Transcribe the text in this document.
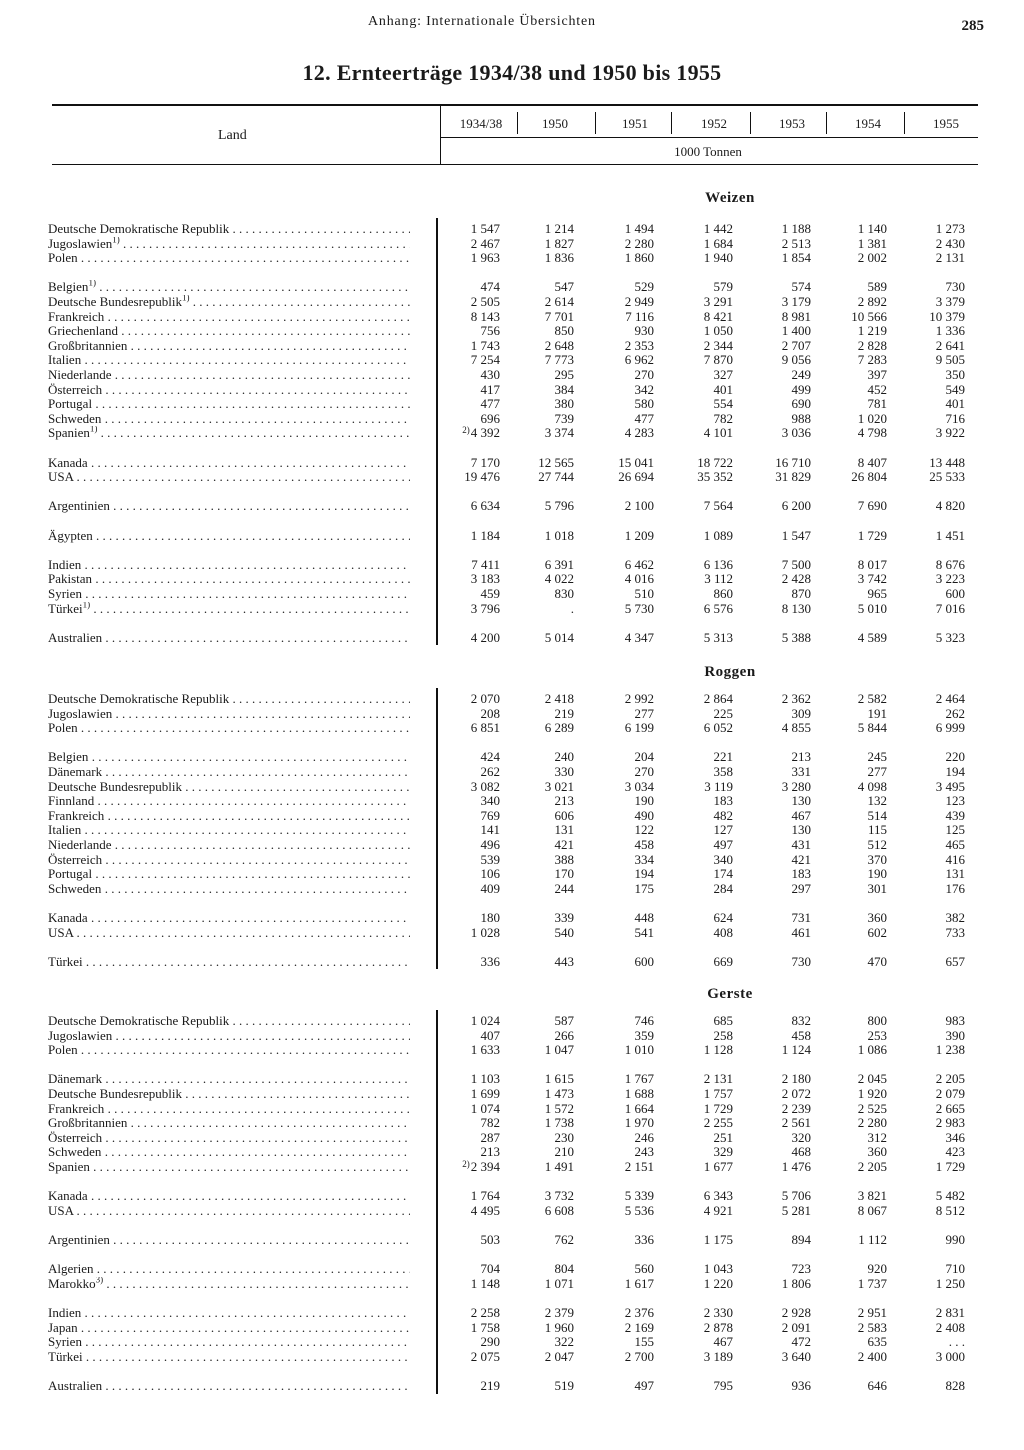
Anhang: Internationale Übersichten	285
12. Ernteerträge 1934/38 und 1950 bis 1955
Land
1000 Tonnen
1934/38	1950	1951	1952	1953	1954	1955
Weizen
Deutsche Demokratische Republik . . .	1 547	1 214	1 494	1 442	1 188	1 140	1 273
Jugoslawien$^{1)}$ . . .	2 467	1 827	2 280	1 684	2 513	1 381	2 430
Polen . . .	1 963	1 836	1 860	1 940	1 854	2 002	2 131
Belgien$^{1)}$ . . .	474	547	529	579	574	589	730
Deutsche Bundesrepublik$^{1)}$ . . .	2 505	2 614	2 949	3 291	3 179	2 892	3 379
Frankreich . . .	8 143	7 701	7 116	8 421	8 981	10 566	10 379
Griechenland . . .	756	850	930	1 050	1 400	1 219	1 336
Großbritannien . . .	1 743	2 648	2 353	2 344	2 707	2 828	2 641
Italien . . .	7 254	7 773	6 962	7 870	9 056	7 283	9 505
Niederlande . . .	430	295	270	327	249	397	350
Österreich . . .	417	384	342	401	499	452	549
Portugal . . .	477	380	580	554	690	781	401
Schweden . . .	696	739	477	782	988	1 020	716
Spanien$^{1)}$ . . .	$^{2)}$4 392	3 374	4 283	4 101	3 036	4 798	3 922
Kanada . . .	7 170	12 565	15 041	18 722	16 710	8 407	13 448
USA . . .	19 476	27 744	26 694	35 352	31 829	26 804	25 533
Argentinien . . .	6 634	5 796	2 100	7 564	6 200	7 690	4 820
Ägypten . . .	1 184	1 018	1 209	1 089	1 547	1 729	1 451
Indien . . .	7 411	6 391	6 462	6 136	7 500	8 017	8 676
Pakistan . . .	3 183	4 022	4 016	3 112	2 428	3 742	3 223
Syrien . . .	459	830	510	860	870	965	600
Türkei$^{1)}$ . . .	3 796	.	5 730	6 576	8 130	5 010	7 016
Australien . . .	4 200	5 014	4 347	5 313	5 388	4 589	5 323
Roggen
Deutsche Demokratische Republik . . .	2 070	2 418	2 992	2 864	2 362	2 582	2 464
Jugoslawien . . .	208	219	277	225	309	191	262
Polen . . .	6 851	6 289	6 199	6 052	4 855	5 844	6 999
Belgien . . .	424	240	204	221	213	245	220
Dänemark . . .	262	330	270	358	331	277	194
Deutsche Bundesrepublik . . .	3 082	3 021	3 034	3 119	3 280	4 098	3 495
Finnland . . .	340	213	190	183	130	132	123
Frankreich . . .	769	606	490	482	467	514	439
Italien . . .	141	131	122	127	130	115	125
Niederlande . . .	496	421	458	497	431	512	465
Österreich . . .	539	388	334	340	421	370	416
Portugal . . .	106	170	194	174	183	190	131
Schweden . . .	409	244	175	284	297	301	176
Kanada . . .	180	339	448	624	731	360	382
USA . . .	1 028	540	541	408	461	602	733
Türkei . . .	336	443	600	669	730	470	657
Gerste
Deutsche Demokratische Republik . . .	1 024	587	746	685	832	800	983
Jugoslawien . . .	407	266	359	258	458	253	390
Polen . . .	1 633	1 047	1 010	1 128	1 124	1 086	1 238
Dänemark . . .	1 103	1 615	1 767	2 131	2 180	2 045	2 205
Deutsche Bundesrepublik . . .	1 699	1 473	1 688	1 757	2 072	1 920	2 079
Frankreich . . .	1 074	1 572	1 664	1 729	2 239	2 525	2 665
Großbritannien . . .	782	1 738	1 970	2 255	2 561	2 280	2 983
Österreich . . .	287	230	246	251	320	312	346
Schweden . . .	213	210	243	329	468	360	423
Spanien . . .	$^{2)}$2 394	1 491	2 151	1 677	1 476	2 205	1 729
Kanada . . .	1 764	3 732	5 339	6 343	5 706	3 821	5 482
USA . . .	4 495	6 608	5 536	4 921	5 281	8 067	8 512
Argentinien . . .	503	762	336	1 175	894	1 112	990
Algerien . . .	704	804	560	1 043	723	920	710
Marokko$^{3)}$ . . .	1 148	1 071	1 617	1 220	1 806	1 737	1 250
Indien . . .	2 258	2 379	2 376	2 330	2 928	2 951	2 831
Japan . . .	1 758	1 960	2 169	2 878	2 091	2 583	2 408
Syrien . . .	290	322	155	467	472	635	. . .
Türkei . . .	2 075	2 047	2 700	3 189	3 640	2 400	3 000
Australien . . .	219	519	497	795	936	646	828
